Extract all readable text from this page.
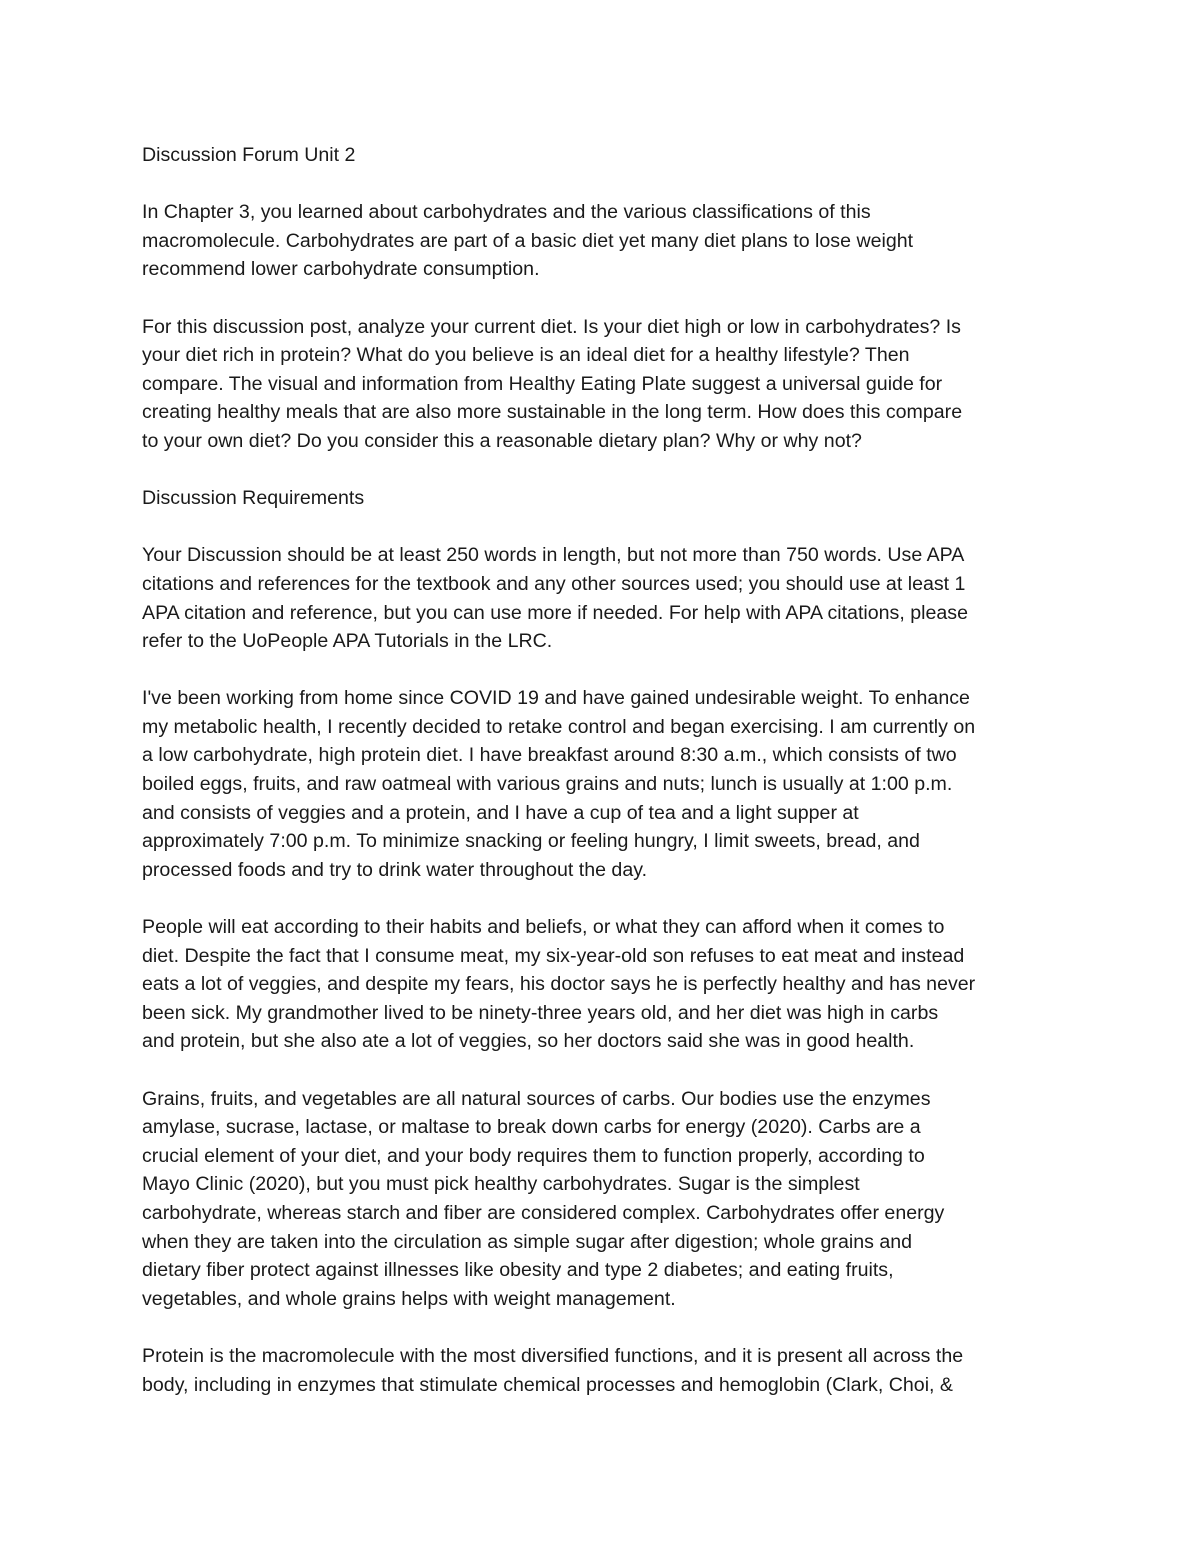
Discussion Forum Unit 2

In Chapter 3, you learned about carbohydrates and the various classifications of this
macromolecule. Carbohydrates are part of a basic diet yet many diet plans to lose weight
recommend lower carbohydrate consumption.

For this discussion post, analyze your current diet. Is your diet high or low in carbohydrates? Is
your diet rich in protein? What do you believe is an ideal diet for a healthy lifestyle? Then
compare. The visual and information from Healthy Eating Plate suggest a universal guide for
creating healthy meals that are also more sustainable in the long term. How does this compare
to your own diet? Do you consider this a reasonable dietary plan? Why or why not?

Discussion Requirements

Your Discussion should be at least 250 words in length, but not more than 750 words. Use APA
citations and references for the textbook and any other sources used; you should use at least 1
APA citation and reference, but you can use more if needed. For help with APA citations, please
refer to the UoPeople APA Tutorials in the LRC.

I've been working from home since COVID 19 and have gained undesirable weight. To enhance
my metabolic health, I recently decided to retake control and began exercising. I am currently on
a low carbohydrate, high protein diet. I have breakfast around 8:30 a.m., which consists of two
boiled eggs, fruits, and raw oatmeal with various grains and nuts; lunch is usually at 1:00 p.m.
and consists of veggies and a protein, and I have a cup of tea and a light supper at
approximately 7:00 p.m. To minimize snacking or feeling hungry, I limit sweets, bread, and
processed foods and try to drink water throughout the day.

People will eat according to their habits and beliefs, or what they can afford when it comes to
diet. Despite the fact that I consume meat, my six-year-old son refuses to eat meat and instead
eats a lot of veggies, and despite my fears, his doctor says he is perfectly healthy and has never
been sick. My grandmother lived to be ninety-three years old, and her diet was high in carbs
and protein, but she also ate a lot of veggies, so her doctors said she was in good health.

Grains, fruits, and vegetables are all natural sources of carbs. Our bodies use the enzymes
amylase, sucrase, lactase, or maltase to break down carbs for energy (2020). Carbs are a
crucial element of your diet, and your body requires them to function properly, according to
Mayo Clinic (2020), but you must pick healthy carbohydrates. Sugar is the simplest
carbohydrate, whereas starch and fiber are considered complex. Carbohydrates offer energy
when they are taken into the circulation as simple sugar after digestion; whole grains and
dietary fiber protect against illnesses like obesity and type 2 diabetes; and eating fruits,
vegetables, and whole grains helps with weight management.

Protein is the macromolecule with the most diversified functions, and it is present all across the
body, including in enzymes that stimulate chemical processes and hemoglobin (Clark, Choi, &
